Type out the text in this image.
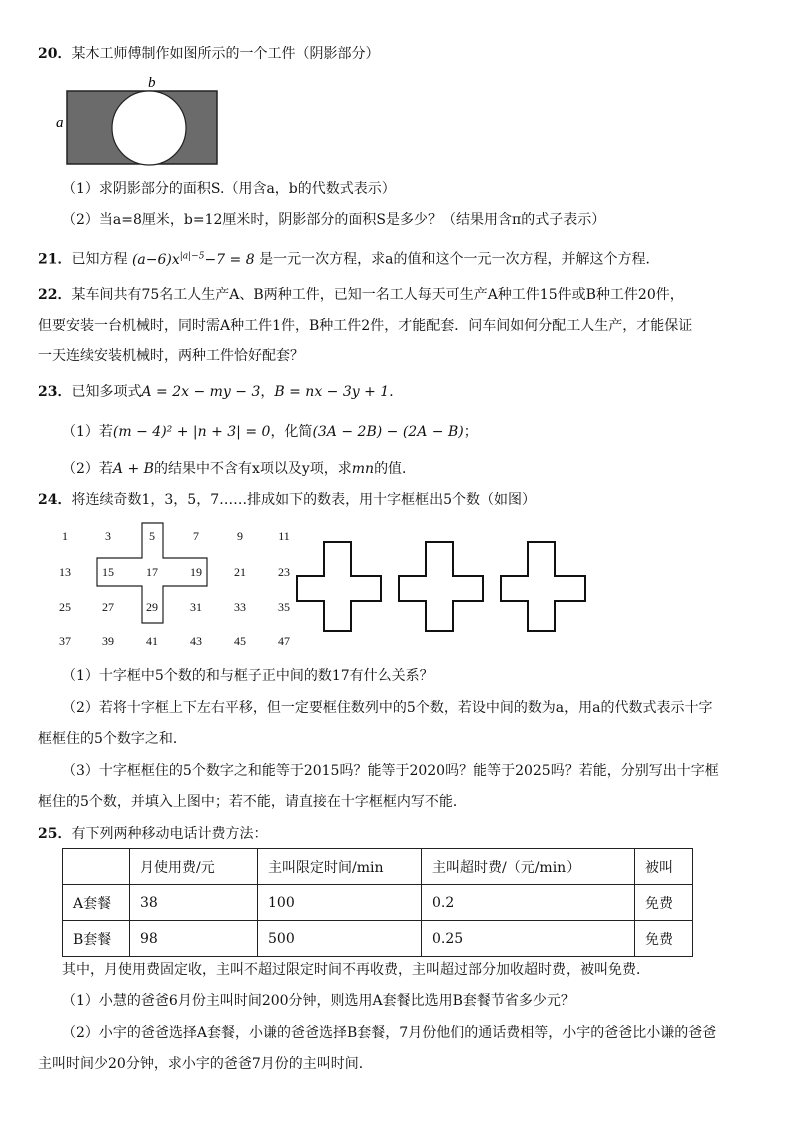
20．某木工师傅制作如图所示的一个工件（阴影部分）
b
a
（1）求阴影部分的面积S.（用含a，b的代数式表示）
（2）当a=8厘米，b=12厘米时，阴影部分的面积S是多少？（结果用含π的式子表示）
21．已知方程 $(a-6)x^{|a|-5}-7 = 8$ 是一元一次方程，求a的值和这个一元一次方程，并解这个方程．
22．某车间共有75名工人生产A、B两种工件，已知一名工人每天可生产A种工件15件或B种工件20件，
但要安装一台机械时，同时需A种工件1件，B种工件2件，才能配套．问车间如何分配工人生产，才能保证
一天连续安装机械时，两种工件恰好配套？
23．已知多项式A = 2x − my − 3，B = nx − 3y + 1．
（1）若(m − 4)² + |n + 3| = 0，化简(3A − 2B) − (2A − B)；
（2）若A + B的结果中不含有x项以及y项，求mn的值．
24．将连续奇数1，3，5，7……排成如下的数表，用十字框框出5个数（如图）
1	3	5	7	9	11
13	15	17	19	21	23
25	27	29	31	33	35
37	39	41	43	45	47
（1）十字框中5个数的和与框子正中间的数17有什么关系？
（2）若将十字框上下左右平移，但一定要框住数列中的5个数，若设中间的数为a，用a的代数式表示十字
框框住的5个数字之和．
（3）十字框框住的5个数字之和能等于2015吗？能等于2020吗？能等于2025吗？若能，分别写出十字框
框住的5个数，并填入上图中；若不能，请直接在十字框框内写不能．
25．有下列两种移动电话计费方法：
	月使用费/元	主叫限定时间/min	主叫超时费/（元/min）	被叫
A套餐	38	100	0.2	免费
B套餐	98	500	0.25	免费
其中，月使用费固定收，主叫不超过限定时间不再收费，主叫超过部分加收超时费，被叫免费．
（1）小慧的爸爸6月份主叫时间200分钟，则选用A套餐比选用B套餐节省多少元？
（2）小宇的爸爸选择A套餐，小谦的爸爸选择B套餐，7月份他们的通话费相等，小宇的爸爸比小谦的爸爸
主叫时间少20分钟，求小宇的爸爸7月份的主叫时间．
